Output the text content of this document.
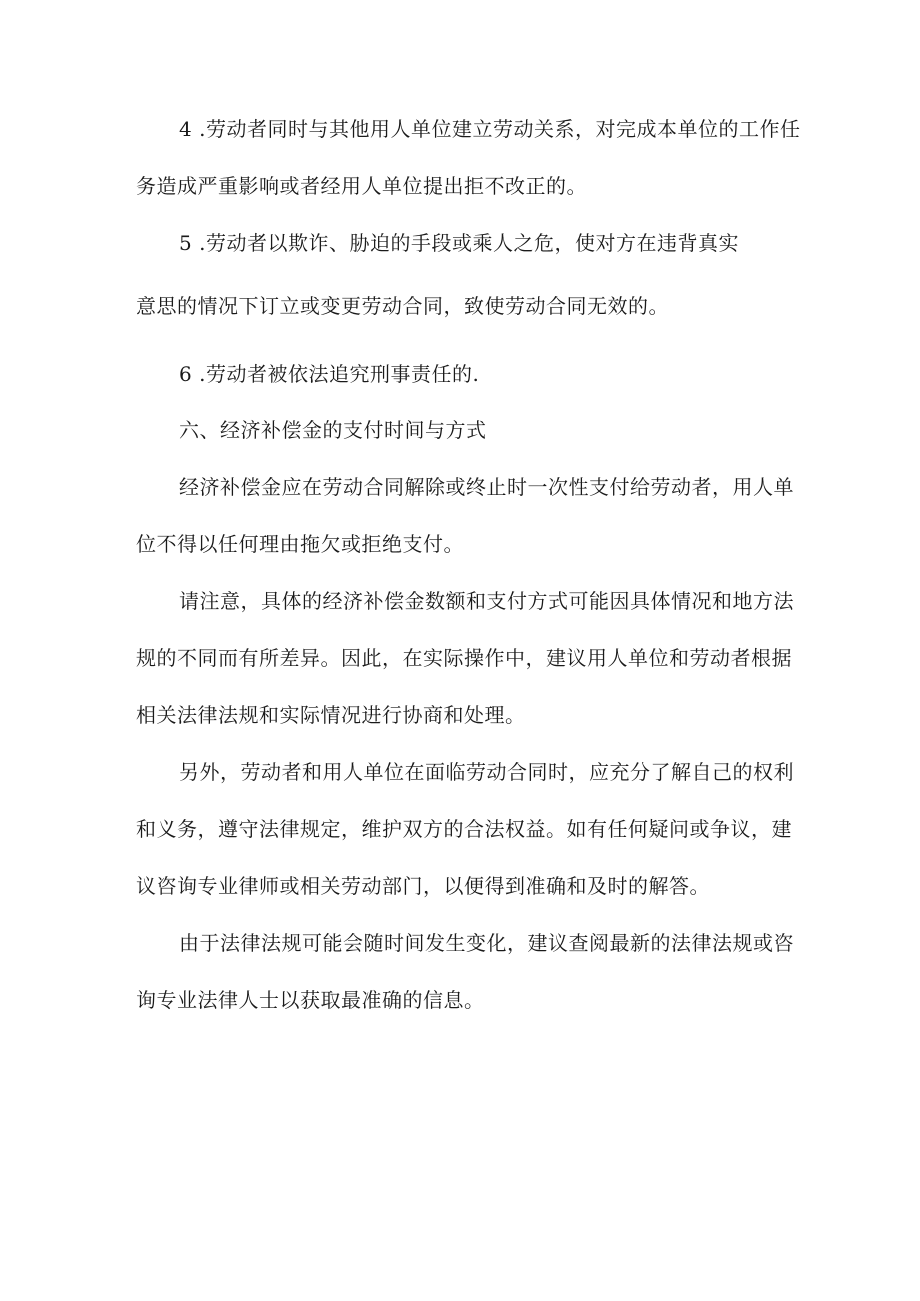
4 .劳动者同时与其他用人单位建立劳动关系，对完成本单位的工作任
务造成严重影响或者经用人单位提出拒不改正的。
5 .劳动者以欺诈、胁迫的手段或乘人之危，使对方在违背真实
意思的情况下订立或变更劳动合同，致使劳动合同无效的。
6 .劳动者被依法追究刑事责任的.
六、经济补偿金的支付时间与方式
经济补偿金应在劳动合同解除或终止时一次性支付给劳动者，用人单
位不得以任何理由拖欠或拒绝支付。
请注意，具体的经济补偿金数额和支付方式可能因具体情况和地方法
规的不同而有所差异。因此，在实际操作中，建议用人单位和劳动者根据
相关法律法规和实际情况进行协商和处理。
另外，劳动者和用人单位在面临劳动合同时，应充分了解自己的权利
和义务，遵守法律规定，维护双方的合法权益。如有任何疑问或争议，建
议咨询专业律师或相关劳动部门，以便得到准确和及时的解答。
由于法律法规可能会随时间发生变化，建议查阅最新的法律法规或咨
询专业法律人士以获取最准确的信息。
